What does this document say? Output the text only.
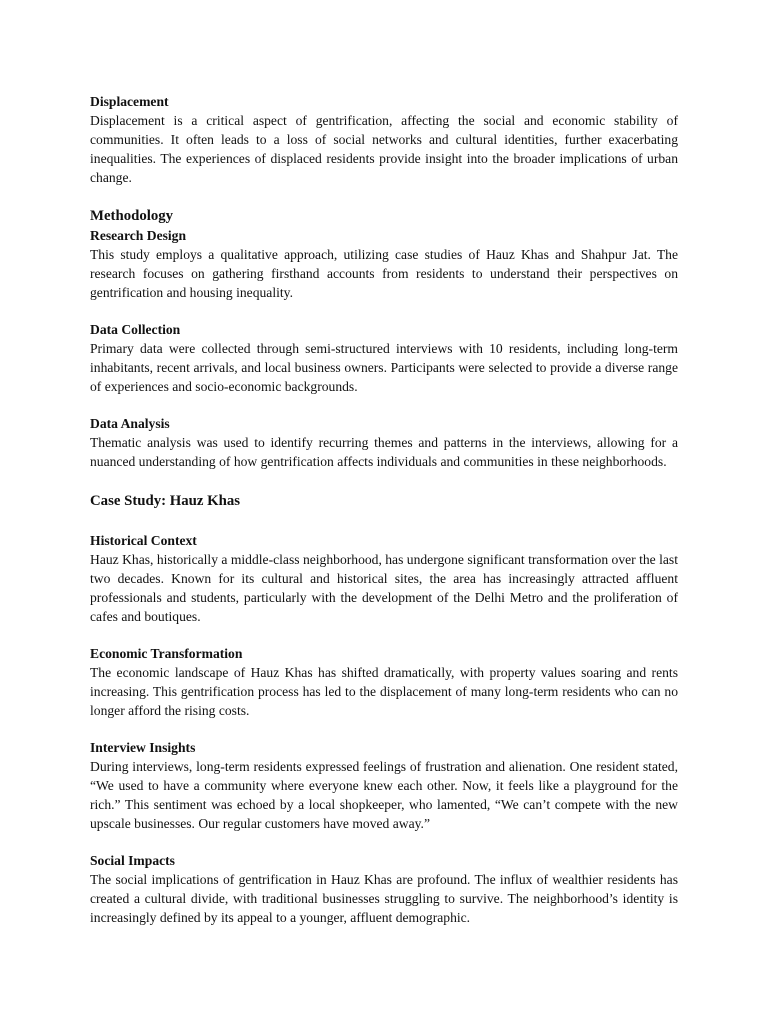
Displacement

Displacement is a critical aspect of gentrification, affecting the social and economic stability of communities. It often leads to a loss of social networks and cultural identities, further exacerbating inequalities. The experiences of displaced residents provide insight into the broader implications of urban change.

Methodology
Research Design

This study employs a qualitative approach, utilizing case studies of Hauz Khas and Shahpur Jat. The research focuses on gathering firsthand accounts from residents to understand their perspectives on gentrification and housing inequality.

Data Collection

Primary data were collected through semi-structured interviews with 10 residents, including long-term inhabitants, recent arrivals, and local business owners. Participants were selected to provide a diverse range of experiences and socio-economic backgrounds.

Data Analysis

Thematic analysis was used to identify recurring themes and patterns in the interviews, allowing for a nuanced understanding of how gentrification affects individuals and communities in these neighborhoods.

Case Study: Hauz Khas
Historical Context

Hauz Khas, historically a middle-class neighborhood, has undergone significant transformation over the last two decades. Known for its cultural and historical sites, the area has increasingly attracted affluent professionals and students, particularly with the development of the Delhi Metro and the proliferation of cafes and boutiques.

Economic Transformation

The economic landscape of Hauz Khas has shifted dramatically, with property values soaring and rents increasing. This gentrification process has led to the displacement of many long-term residents who can no longer afford the rising costs.

Interview Insights

During interviews, long-term residents expressed feelings of frustration and alienation. One resident stated, “We used to have a community where everyone knew each other. Now, it feels like a playground for the rich.” This sentiment was echoed by a local shopkeeper, who lamented, “We can’t compete with the new upscale businesses. Our regular customers have moved away.”

Social Impacts

The social implications of gentrification in Hauz Khas are profound. The influx of wealthier residents has created a cultural divide, with traditional businesses struggling to survive. The neighborhood’s identity is increasingly defined by its appeal to a younger, affluent demographic.
